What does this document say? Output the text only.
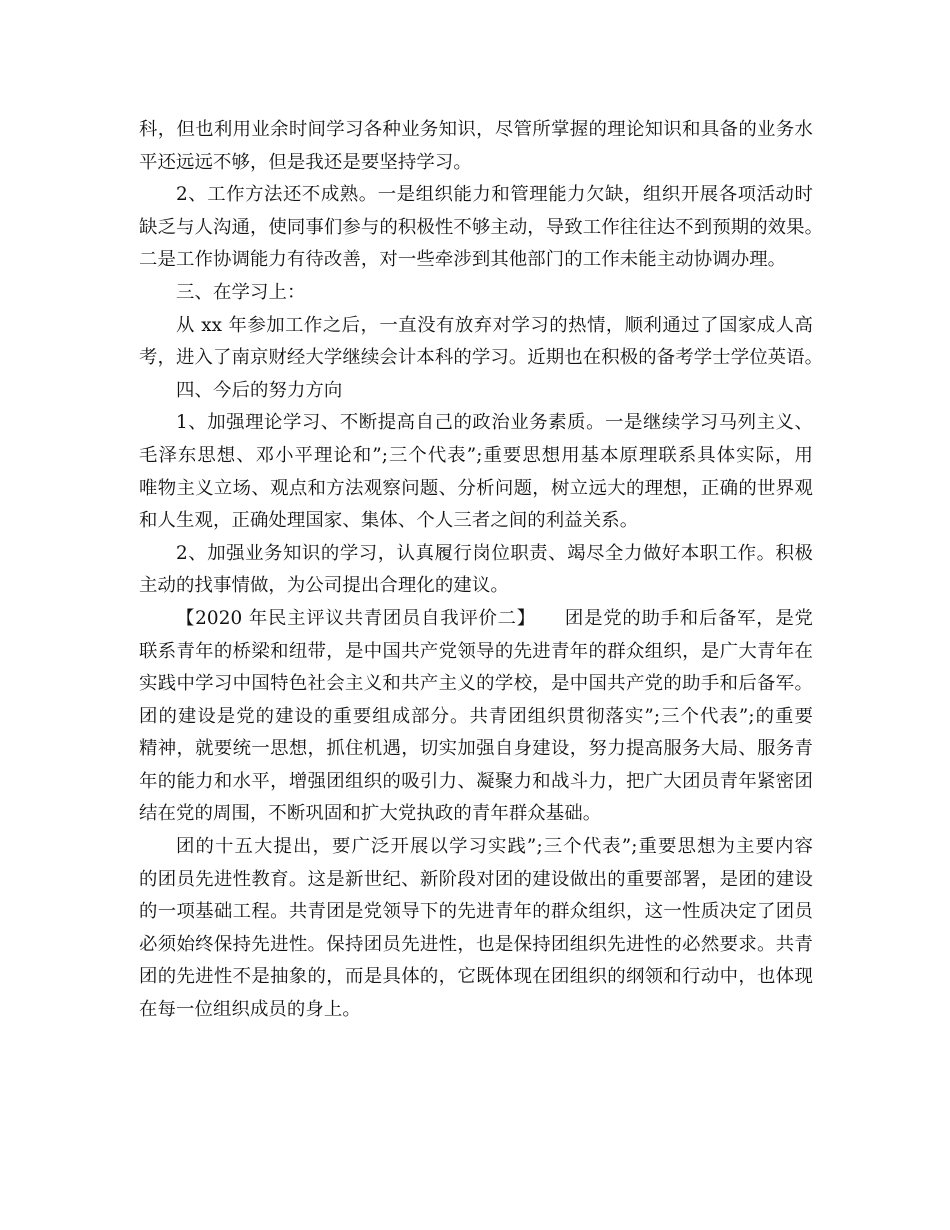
科，但也利用业余时间学习各种业务知识，尽管所掌握的理论知识和具备的业务水
平还远远不够，但是我还是要坚持学习。
2、工作方法还不成熟。一是组织能力和管理能力欠缺，组织开展各项活动时
缺乏与人沟通，使同事们参与的积极性不够主动，导致工作往往达不到预期的效果。
二是工作协调能力有待改善，对一些牵涉到其他部门的工作未能主动协调办理。
三、在学习上：
从 xx 年参加工作之后，一直没有放弃对学习的热情，顺利通过了国家成人高
考，进入了南京财经大学继续会计本科的学习。近期也在积极的备考学士学位英语。
四、今后的努力方向
1、加强理论学习、不断提高自己的政治业务素质。一是继续学习马列主义、
毛泽东思想、邓小平理论和”;三个代表”;重要思想用基本原理联系具体实际，用
唯物主义立场、观点和方法观察问题、分析问题，树立远大的理想，正确的世界观
和人生观，正确处理国家、集体、个人三者之间的利益关系。
2、加强业务知识的学习，认真履行岗位职责、竭尽全力做好本职工作。积极
主动的找事情做，为公司提出合理化的建议。
【2020 年民主评议共青团员自我评价二】　　团是党的助手和后备军，是党
联系青年的桥梁和纽带，是中国共产党领导的先进青年的群众组织，是广大青年在
实践中学习中国特色社会主义和共产主义的学校，是中国共产党的助手和后备军。
团的建设是党的建设的重要组成部分。共青团组织贯彻落实”;三个代表”;的重要
精神，就要统一思想，抓住机遇，切实加强自身建设，努力提高服务大局、服务青
年的能力和水平，增强团组织的吸引力、凝聚力和战斗力，把广大团员青年紧密团
结在党的周围，不断巩固和扩大党执政的青年群众基础。
团的十五大提出，要广泛开展以学习实践”;三个代表”;重要思想为主要内容
的团员先进性教育。这是新世纪、新阶段对团的建设做出的重要部署，是团的建设
的一项基础工程。共青团是党领导下的先进青年的群众组织，这一性质决定了团员
必须始终保持先进性。保持团员先进性，也是保持团组织先进性的必然要求。共青
团的先进性不是抽象的，而是具体的，它既体现在团组织的纲领和行动中，也体现
在每一位组织成员的身上。
